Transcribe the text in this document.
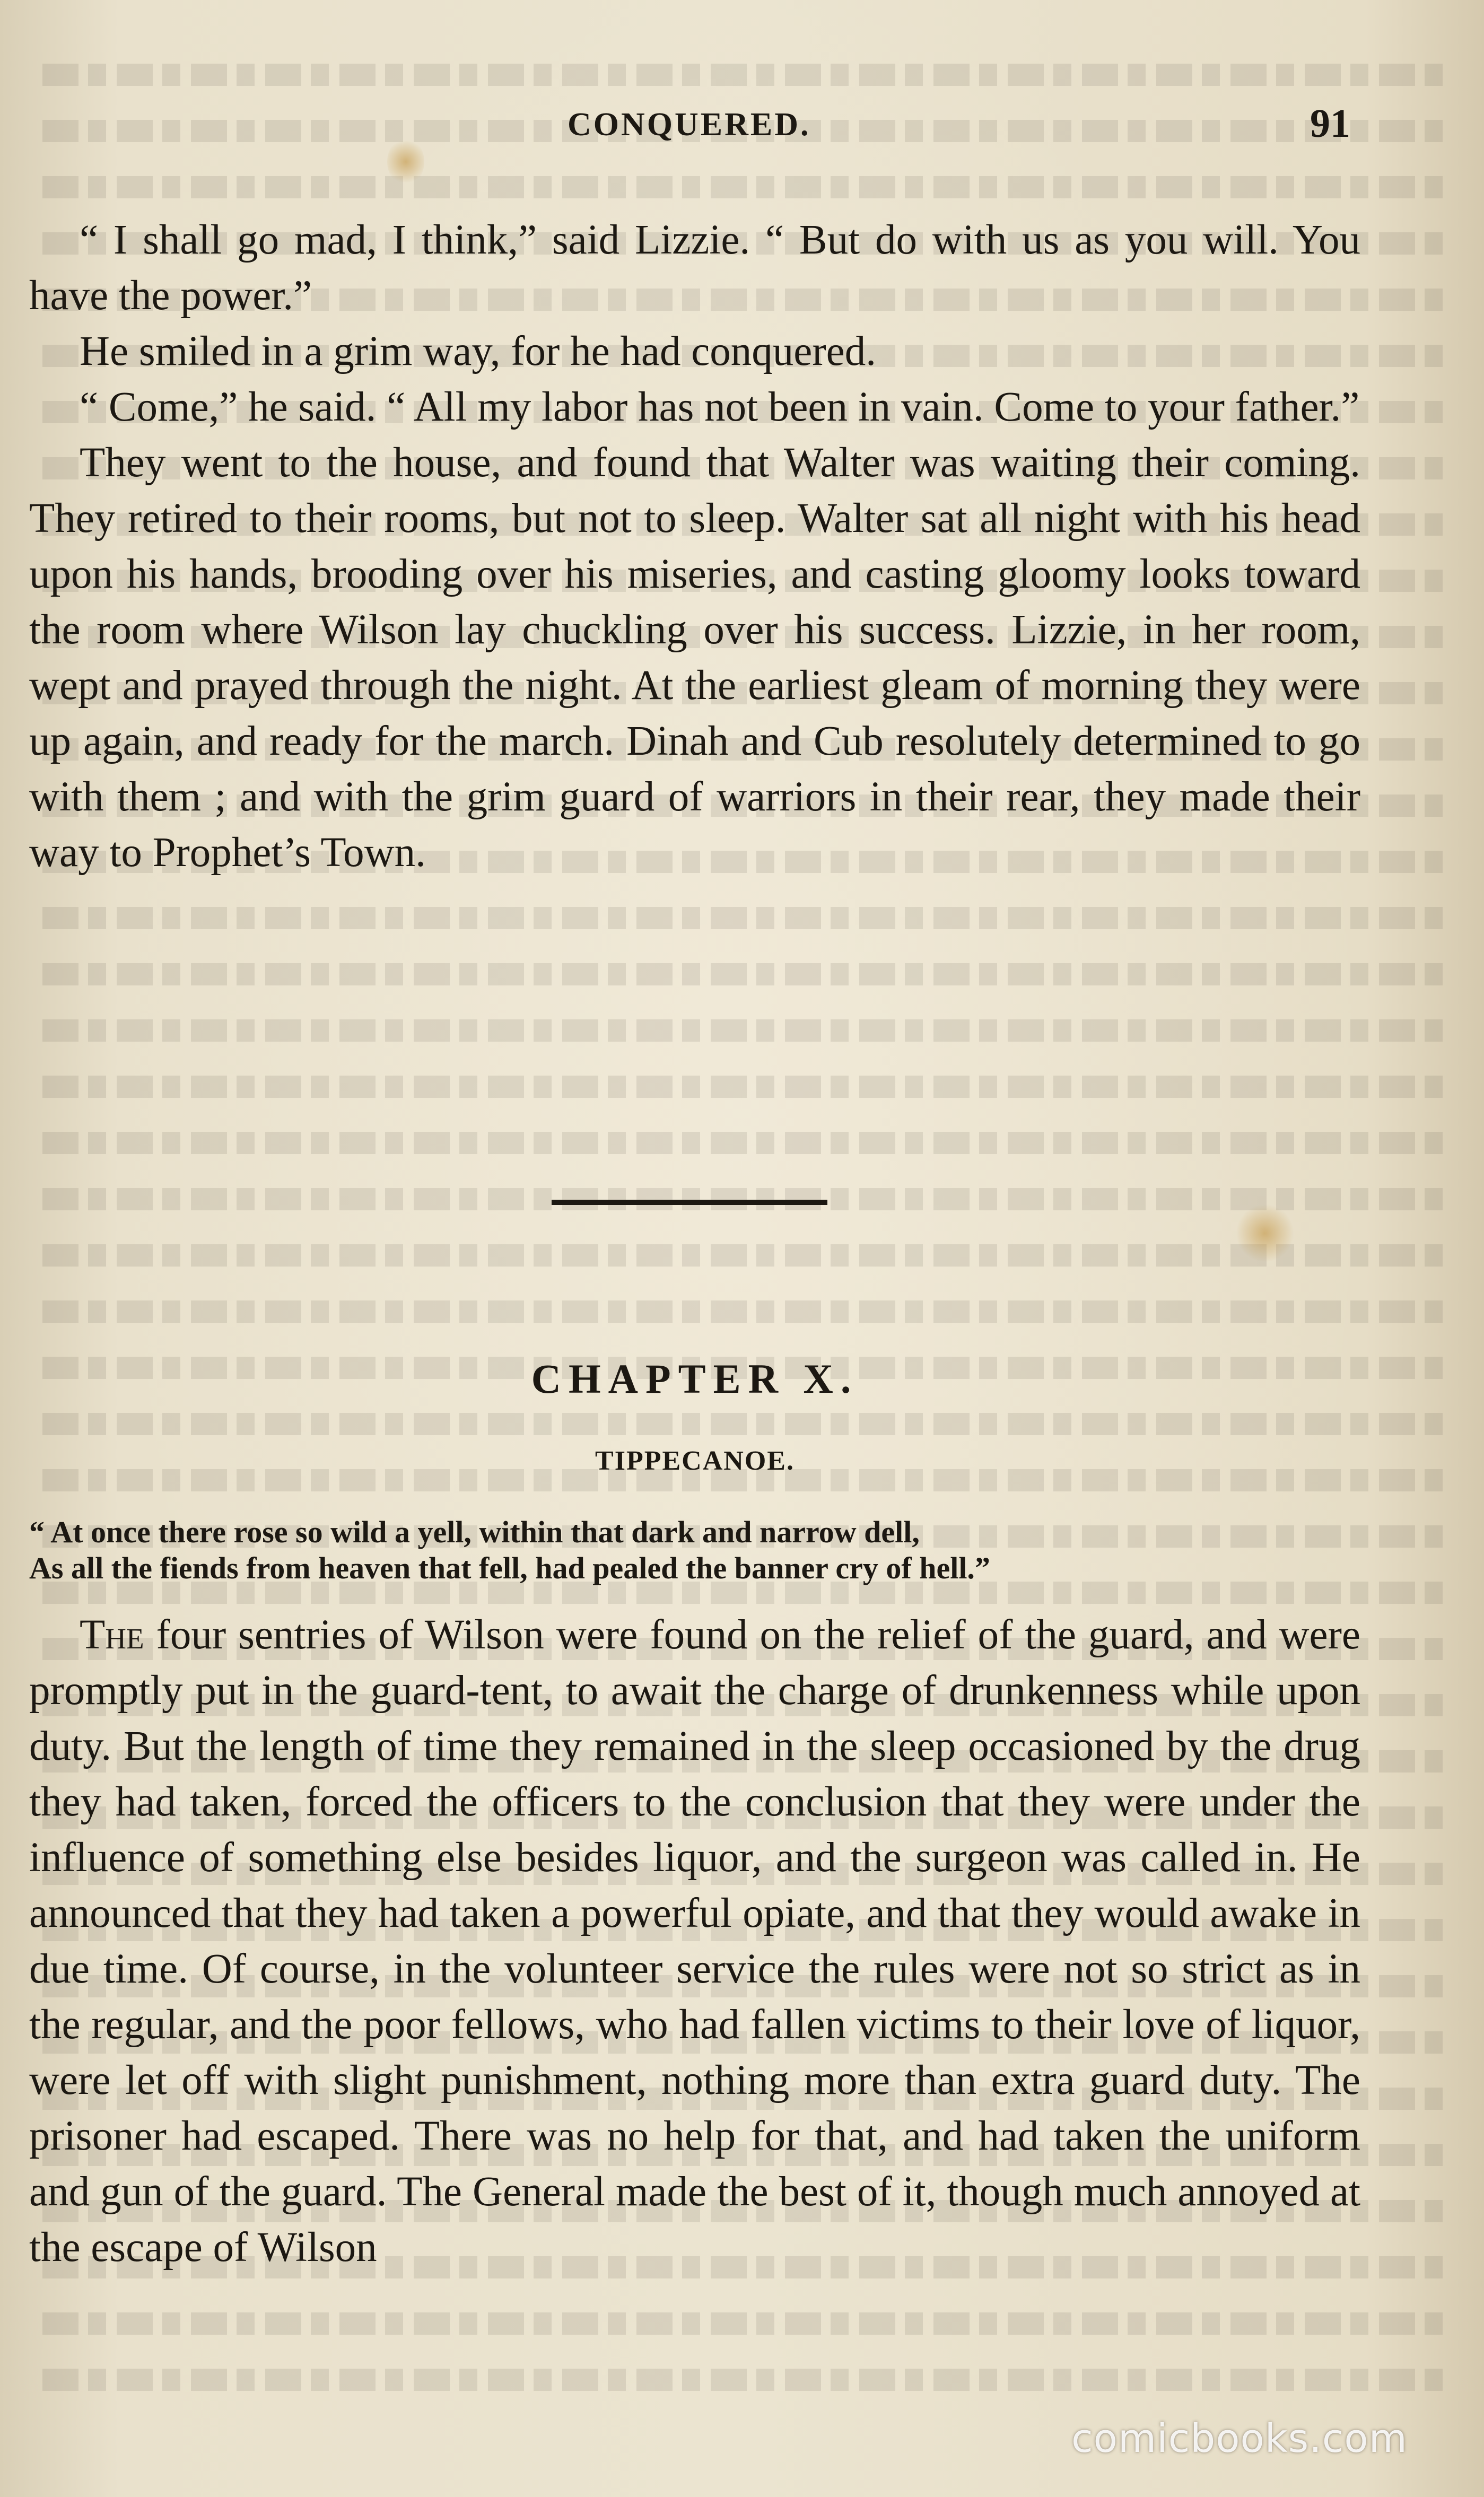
CONQUERED.	91

“ I shall go mad, I think,” said Lizzie. “ But do with us as you will. You have the power.”

He smiled in a grim way, for he had conquered.

“ Come,” he said. “ All my labor has not been in vain. Come to your father.”

They went to the house, and found that Walter was waiting their coming. They retired to their rooms, but not to sleep. Walter sat all night with his head upon his hands, brooding over his miseries, and casting gloomy looks toward the room where Wilson lay chuckling over his success. Lizzie, in her room, wept and prayed through the night. At the earliest gleam of morning they were up again, and ready for the march. Dinah and Cub resolutely determined to go with them ; and with the grim guard of warriors in their rear, they made their way to Prophet’s Town.

CHAPTER X.
TIPPECANOE.
“ At once there rose so wild a yell, within that dark and narrow dell,
As all the fiends from heaven that fell, had pealed the banner cry of hell.”

The four sentries of Wilson were found on the relief of the guard, and were promptly put in the guard-tent, to await the charge of drunkenness while upon duty. But the length of time they remained in the sleep occasioned by the drug they had taken, forced the officers to the conclusion that they were under the influence of something else besides liquor, and the surgeon was called in. He announced that they had taken a powerful opiate, and that they would awake in due time. Of course, in the volunteer service the rules were not so strict as in the regular, and the poor fellows, who had fallen victims to their love of liquor, were let off with slight punishment, nothing more than extra guard duty. The prisoner had escaped. There was no help for that, and had taken the uniform and gun of the guard. The General made the best of it, though much annoyed at the escape of Wilson

comicbooks.com
